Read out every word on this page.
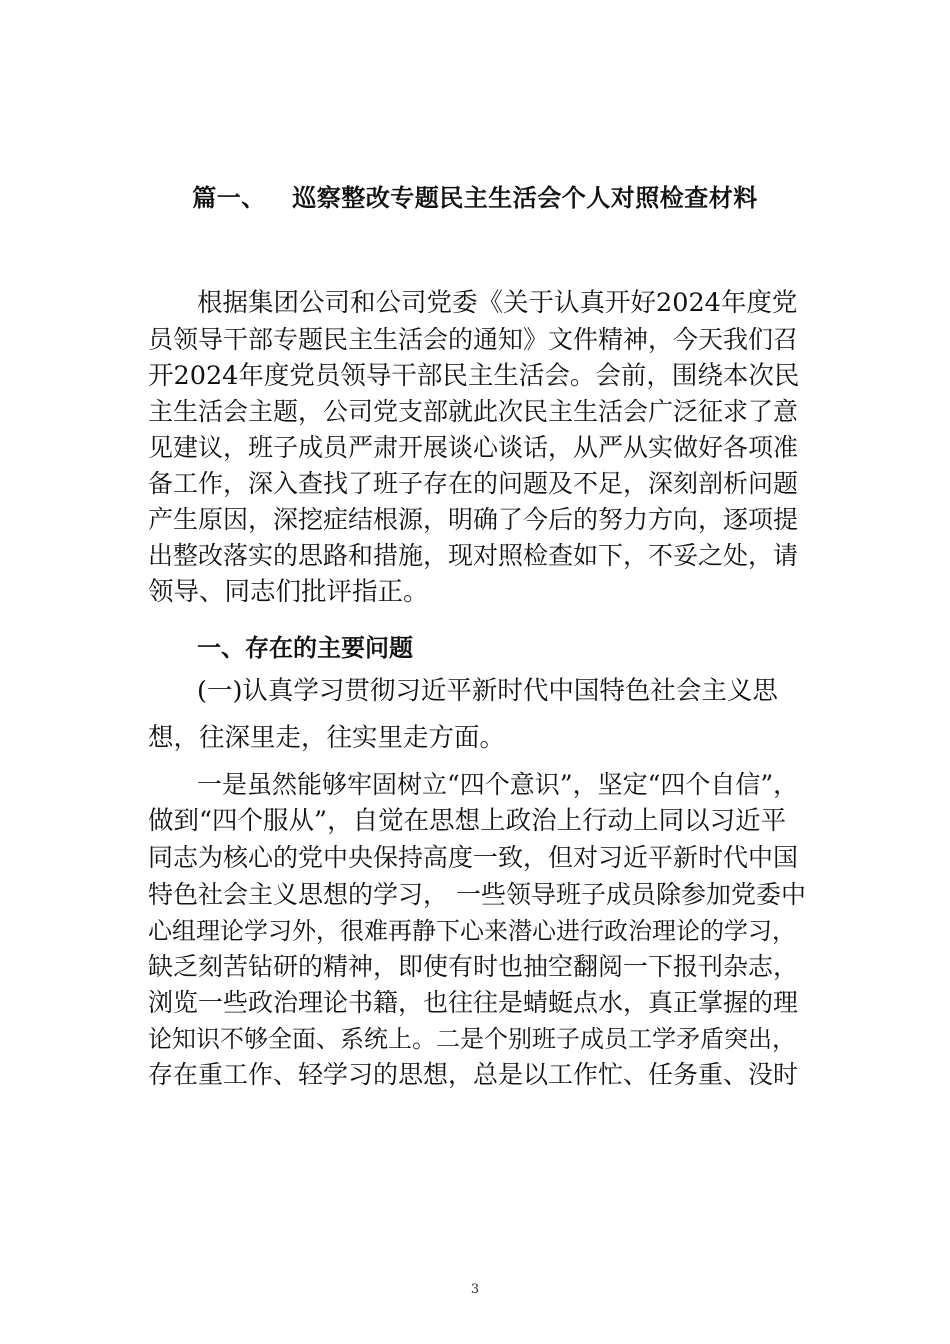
篇一、   巡察整改专题民主生活会个人对照检查材料
根据集团公司和公司党委《关于认真开好2024年度党
员领导干部专题民主生活会的通知》文件精神，今天我们召
开2024年度党员领导干部民主生活会。会前，围绕本次民
主生活会主题，公司党支部就此次民主生活会广泛征求了意
见建议，班子成员严肃开展谈心谈话，从严从实做好各项准
备工作，深入查找了班子存在的问题及不足，深刻剖析问题
产生原因，深挖症结根源，明确了今后的努力方向，逐项提
出整改落实的思路和措施，现对照检查如下，不妥之处，请
领导、同志们批评指正。
一、存在的主要问题
(一)认真学习贯彻习近平新时代中国特色社会主义思
想，往深里走，往实里走方面。
一是虽然能够牢固树立“四个意识”，坚定“四个自信”，
做到“四个服从”，自觉在思想上政治上行动上同以习近平
同志为核心的党中央保持高度一致，但对习近平新时代中国
特色社会主义思想的学习， 一些领导班子成员除参加党委中
心组理论学习外，很难再静下心来潜心进行政治理论的学习，
缺乏刻苦钻研的精神，即使有时也抽空翻阅一下报刊杂志，
浏览一些政治理论书籍，也往往是蜻蜓点水，真正掌握的理
论知识不够全面、系统上。二是个别班子成员工学矛盾突出，
存在重工作、轻学习的思想，总是以工作忙、任务重、没时
3
